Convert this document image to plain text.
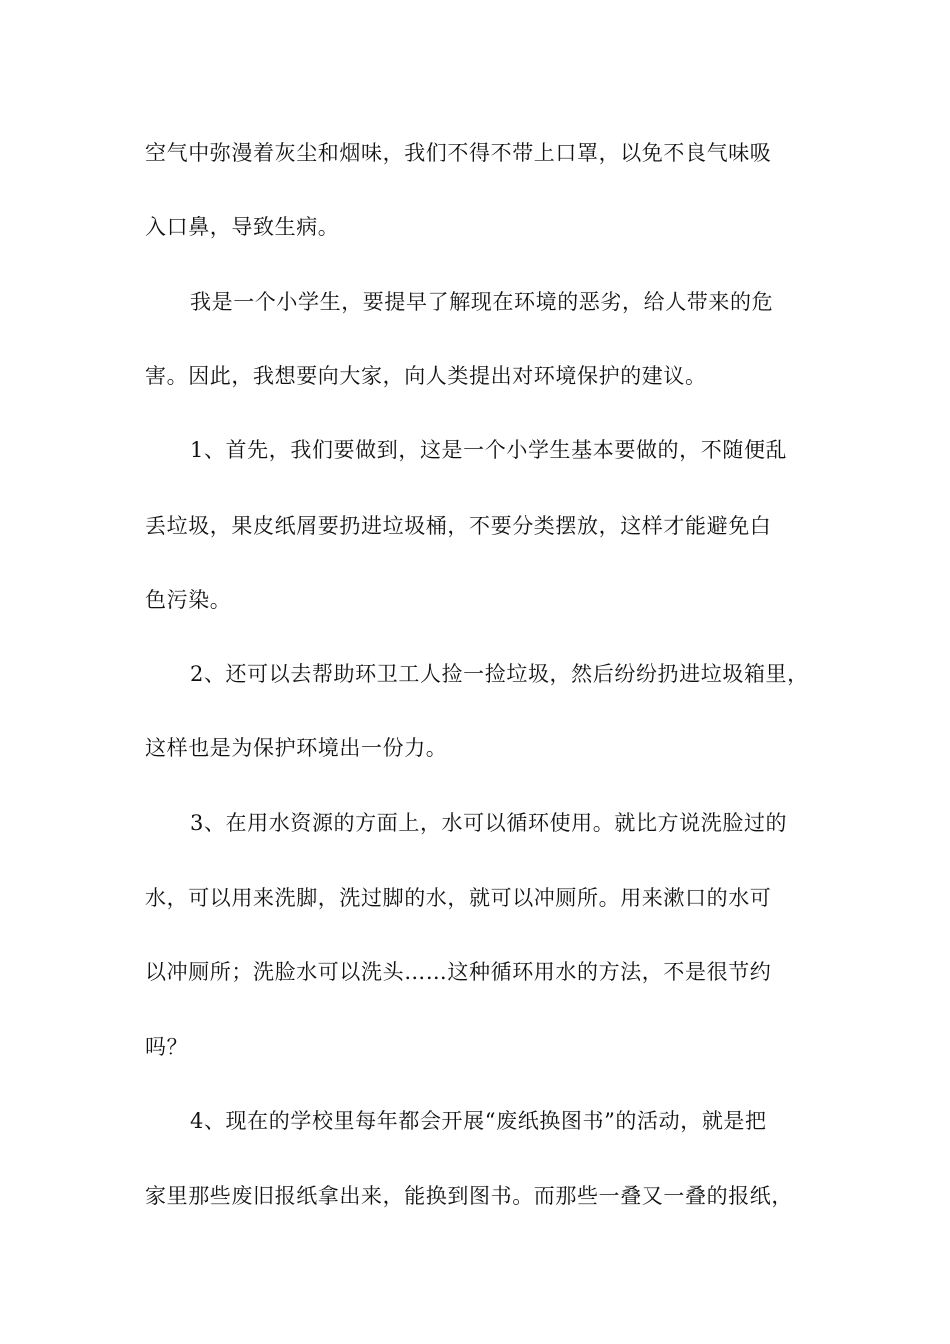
空气中弥漫着灰尘和烟味，我们不得不带上口罩，以免不良气味吸
入口鼻，导致生病。
我是一个小学生，要提早了解现在环境的恶劣，给人带来的危
害。因此，我想要向大家，向人类提出对环境保护的建议。
1、首先，我们要做到，这是一个小学生基本要做的，不随便乱
丢垃圾，果皮纸屑要扔进垃圾桶，不要分类摆放，这样才能避免白
色污染。
2、还可以去帮助环卫工人捡一捡垃圾，然后纷纷扔进垃圾箱里，
这样也是为保护环境出一份力。
3、在用水资源的方面上，水可以循环使用。就比方说洗脸过的
水，可以用来洗脚，洗过脚的水，就可以冲厕所。用来漱口的水可
以冲厕所；洗脸水可以洗头……这种循环用水的方法，不是很节约
吗？
4、现在的学校里每年都会开展“废纸换图书”的活动，就是把
家里那些废旧报纸拿出来，能换到图书。而那些一叠又一叠的报纸，
